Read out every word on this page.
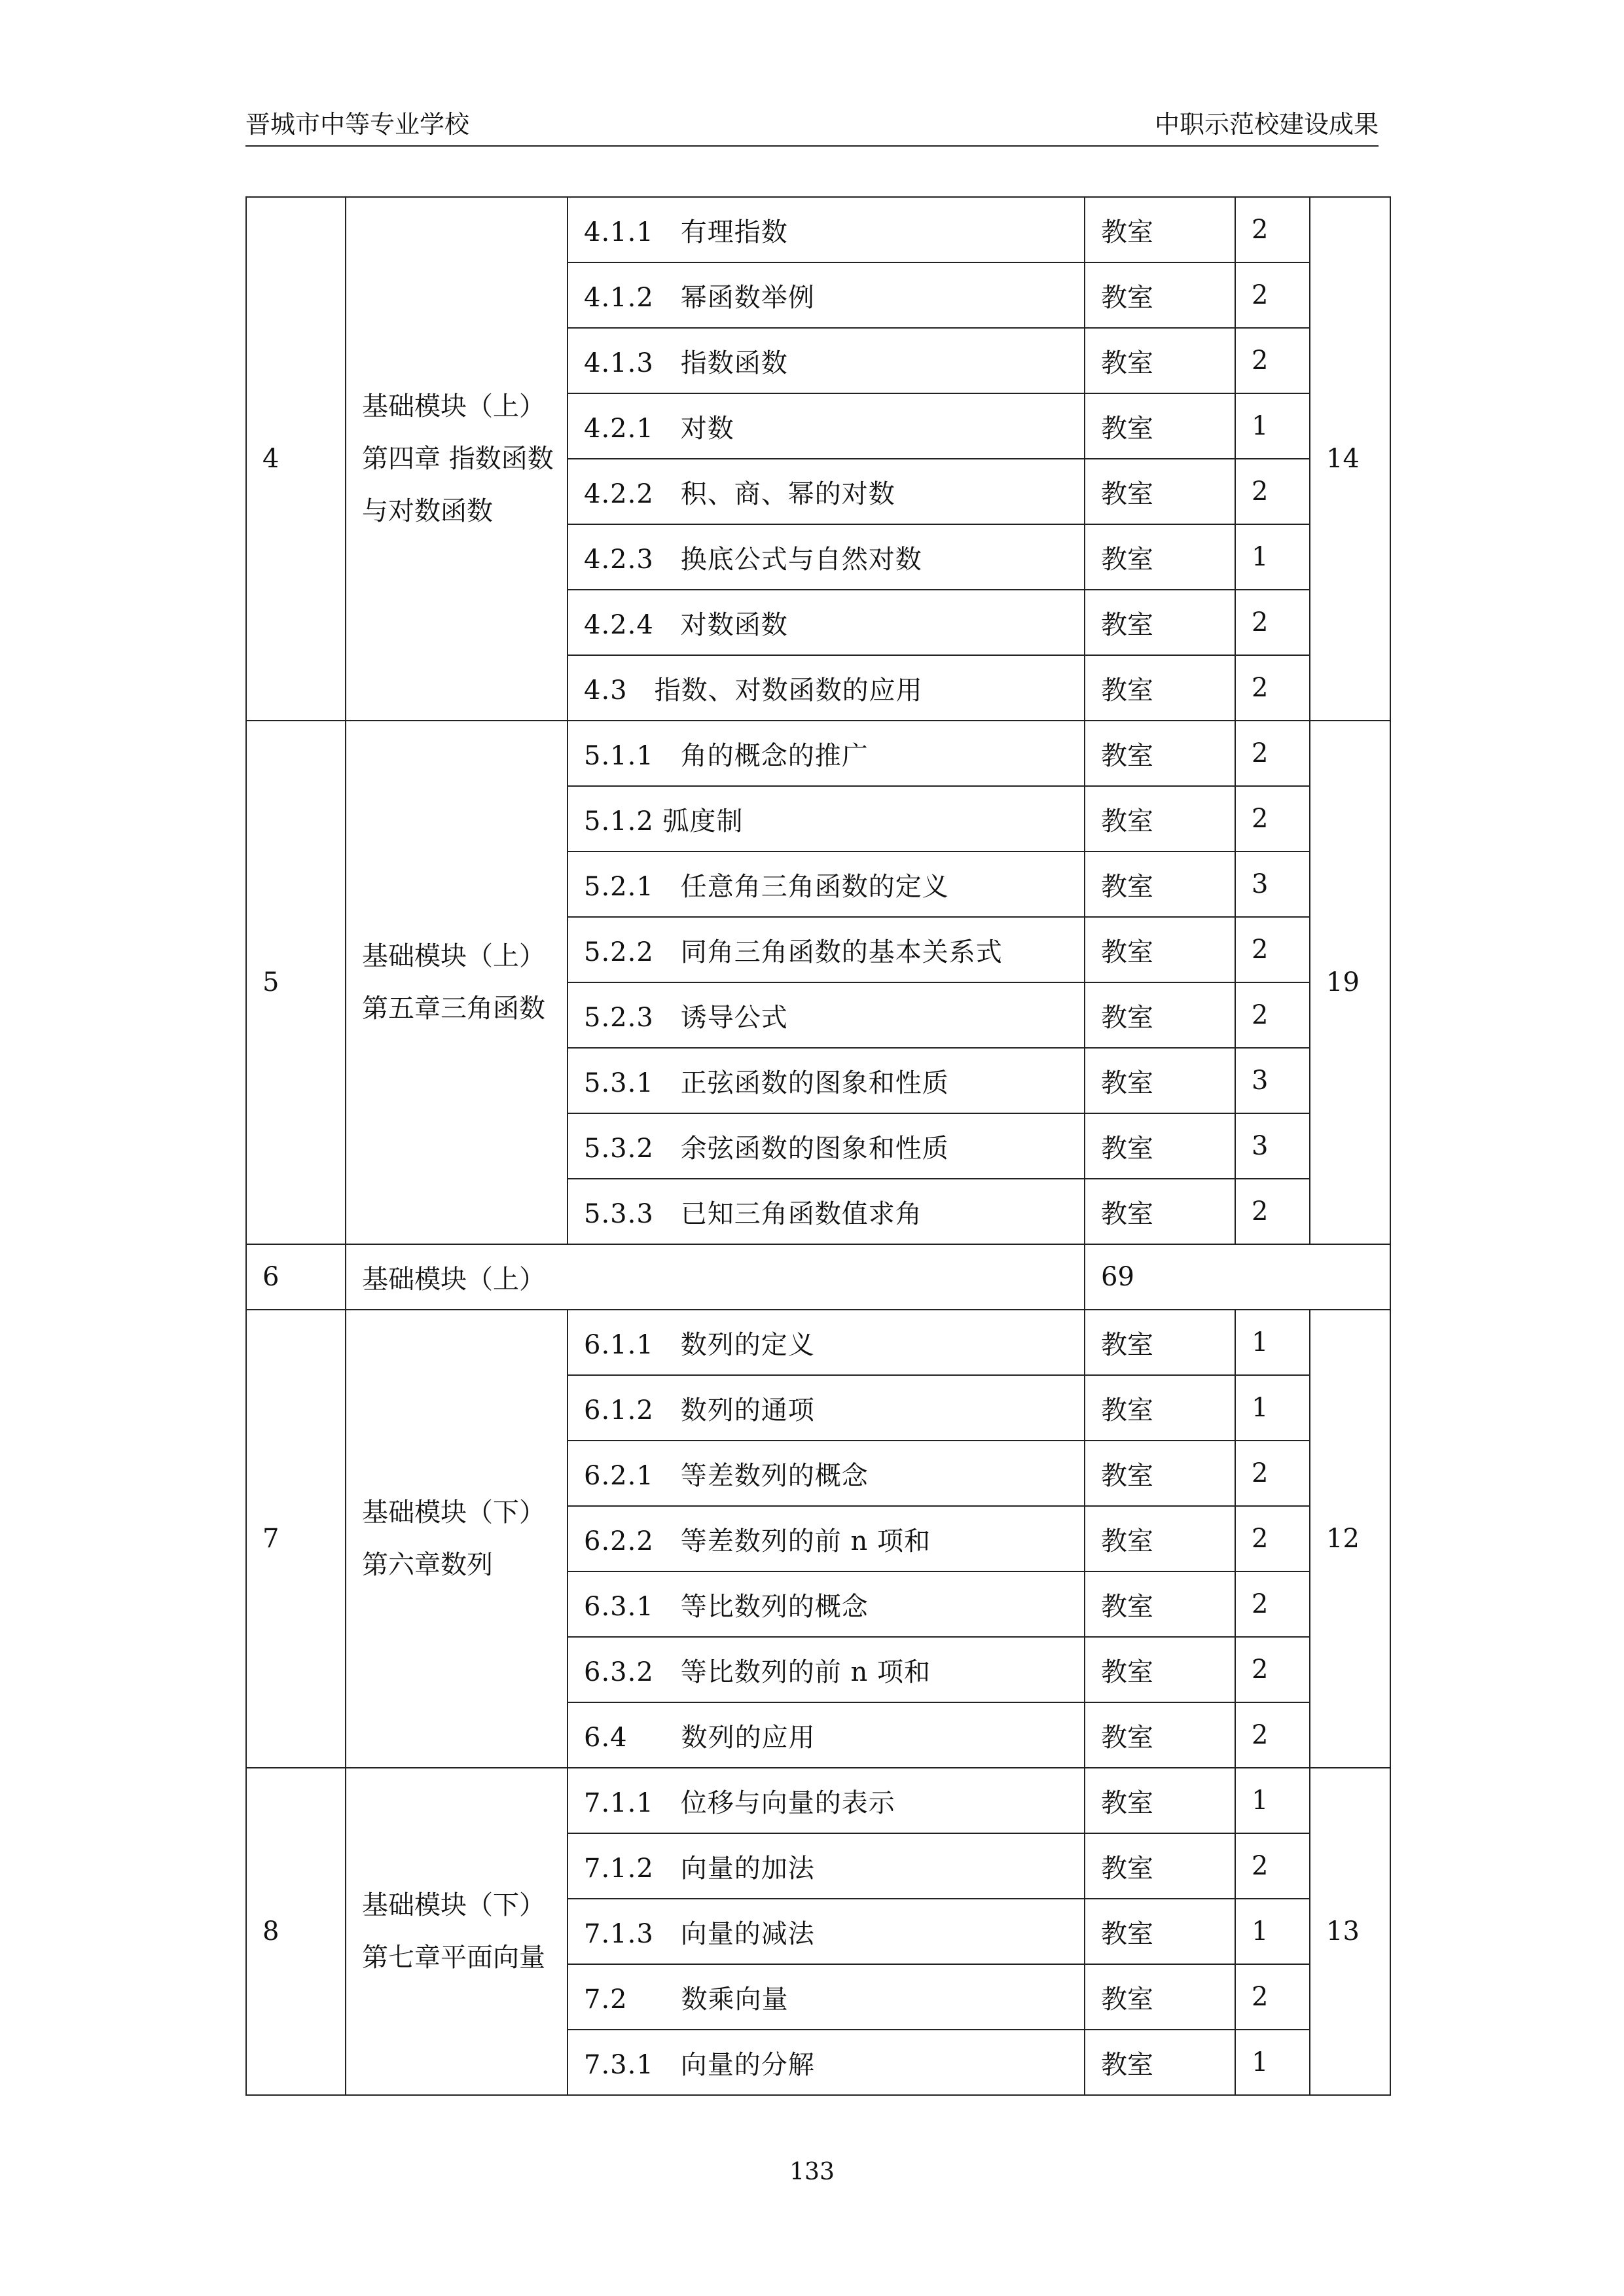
晋城市中等专业学校	中职示范校建设成果
4	基础模块（上）第四章 指数函数与对数函数	4.1.1　有理指数	教室	2	14
		4.1.2　幂函数举例	教室	2	
		4.1.3　指数函数	教室	2	
		4.2.1　对数	教室	1	
		4.2.2　积、商、幂的对数	教室	2	
		4.2.3　换底公式与自然对数	教室	1	
		4.2.4　对数函数	教室	2	
		4.3　指数、对数函数的应用	教室	2	
5	基础模块（上）第五章三角函数	5.1.1　角的概念的推广	教室	2	19
		5.1.2 弧度制	教室	2	
		5.2.1　任意角三角函数的定义	教室	3	
		5.2.2　同角三角函数的基本关系式	教室	2	
		5.2.3　诱导公式	教室	2	
		5.3.1　正弦函数的图象和性质	教室	3	
		5.3.2　余弦函数的图象和性质	教室	3	
		5.3.3　已知三角函数值求角	教室	2	
6	基础模块（上）		69		
7	基础模块（下）第六章数列	6.1.1　数列的定义	教室	1	12
		6.1.2　数列的通项	教室	1	
		6.2.1　等差数列的概念	教室	2	
		6.2.2　等差数列的前 n 项和	教室	2	
		6.3.1　等比数列的概念	教室	2	
		6.3.2　等比数列的前 n 项和	教室	2	
		6.4　　数列的应用	教室	2	
8	基础模块（下）第七章平面向量	7.1.1　位移与向量的表示	教室	1	13
		7.1.2　向量的加法	教室	2	
		7.1.3　向量的减法	教室	1	
		7.2　　数乘向量	教室	2	
		7.3.1　向量的分解	教室	1	
133
